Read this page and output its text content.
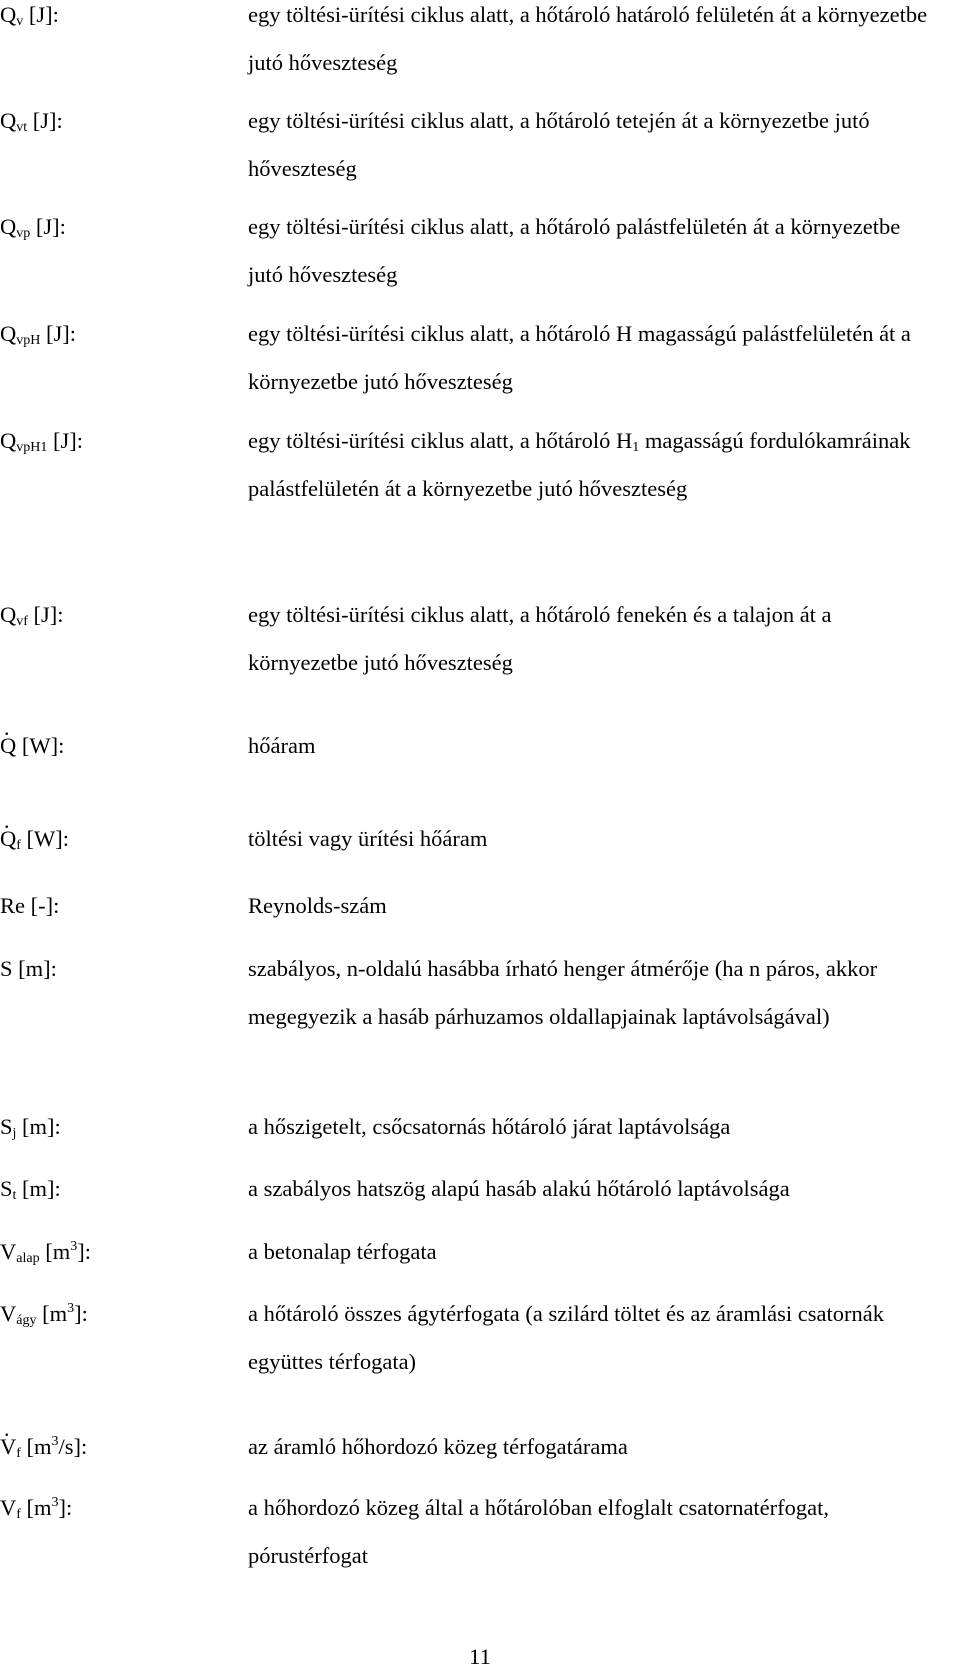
$Q_v$ [J]:	egy töltési-ürítési ciklus alatt, a hőtároló határoló felületén át a környezetbe jutó hőveszteség
$Q_{vt}$ [J]:	egy töltési-ürítési ciklus alatt, a hőtároló tetején át a környezetbe jutó hőveszteség
$Q_{vp}$ [J]:	egy töltési-ürítési ciklus alatt, a hőtároló palástfelületén át a környezetbe jutó hőveszteség
$Q_{vpH}$ [J]:	egy töltési-ürítési ciklus alatt, a hőtároló H magasságú palástfelületén át a környezetbe jutó hőveszteség
$Q_{vpH1}$ [J]:	egy töltési-ürítési ciklus alatt, a hőtároló $H_1$ magasságú fordulókamráinak palástfelületén át a környezetbe jutó hőveszteség
$Q_{vf}$ [J]:	egy töltési-ürítési ciklus alatt, a hőtároló fenekén és a talajon át a környezetbe jutó hőveszteség
. Q [W]:	hőáram
. $Q_f$ [W]:	töltési vagy ürítési hőáram
Re [-]:	Reynolds-szám
S [m]:	szabályos, n-oldalú hasábba írható henger átmérője (ha n páros, akkor megegyezik a hasáb párhuzamos oldallapjainak laptávolságával)
$S_j$ [m]:	a hőszigetelt, csőcsatornás hőtároló járat laptávolsága
$S_t$ [m]:	a szabályos hatszög alapú hasáb alakú hőtároló laptávolsága
$V_{alap}$ $[m^3]$:	a betonalap térfogata
$V_{ágy}$ $[m^3]$:	a hőtároló összes ágytérfogata (a szilárd töltet és az áramlási csatornák együttes térfogata)
. $V_f$ $[m^3/s]$:	az áramló hőhordozó közeg térfogatárama
$V_f$ $[m^3]$:	a hőhordozó közeg által a hőtárolóban elfoglalt csatornatérfogat, pórustérfogat
11
